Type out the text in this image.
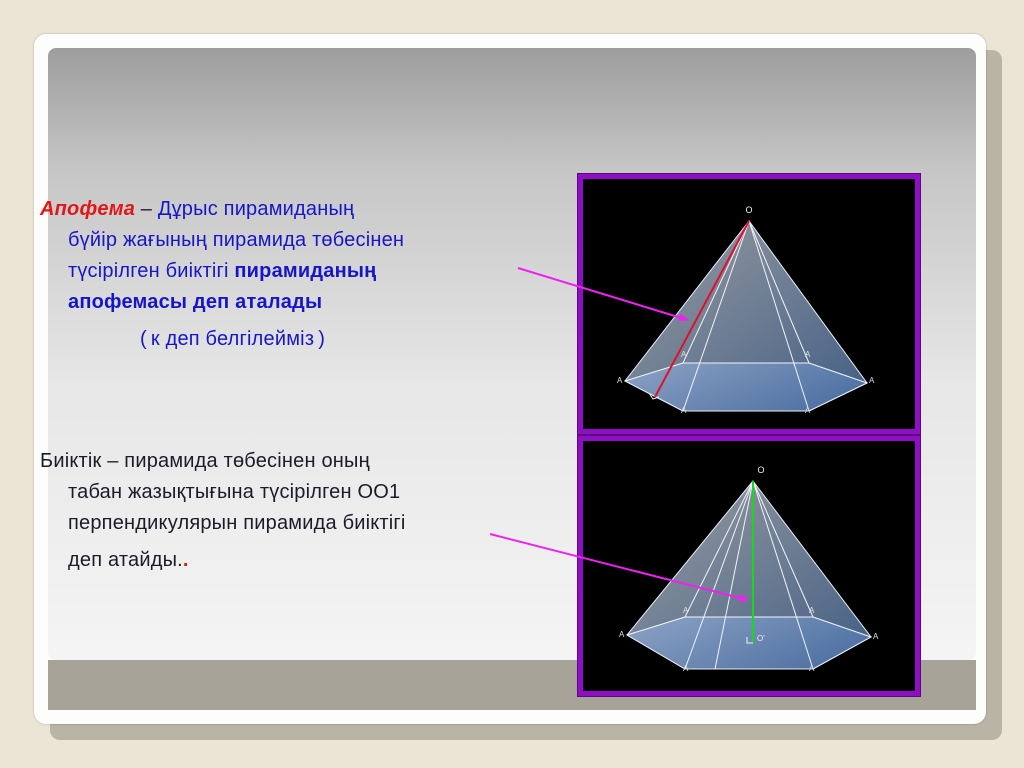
Апофема – Дұрыс пирамиданың
бүйір жағының пирамида төбесінен
түсірілген биіктігі пирамиданың
апофемасы деп аталады
( к деп белгілейміз )
Биіктік – пирамида төбесінен оның
табан жазықтығына түсірілген ОО1
перпендикулярын пирамида биіктігі
деп атайды..
O
A
A	A
A
A
A
O
O'
A
A	A
A
A
A
